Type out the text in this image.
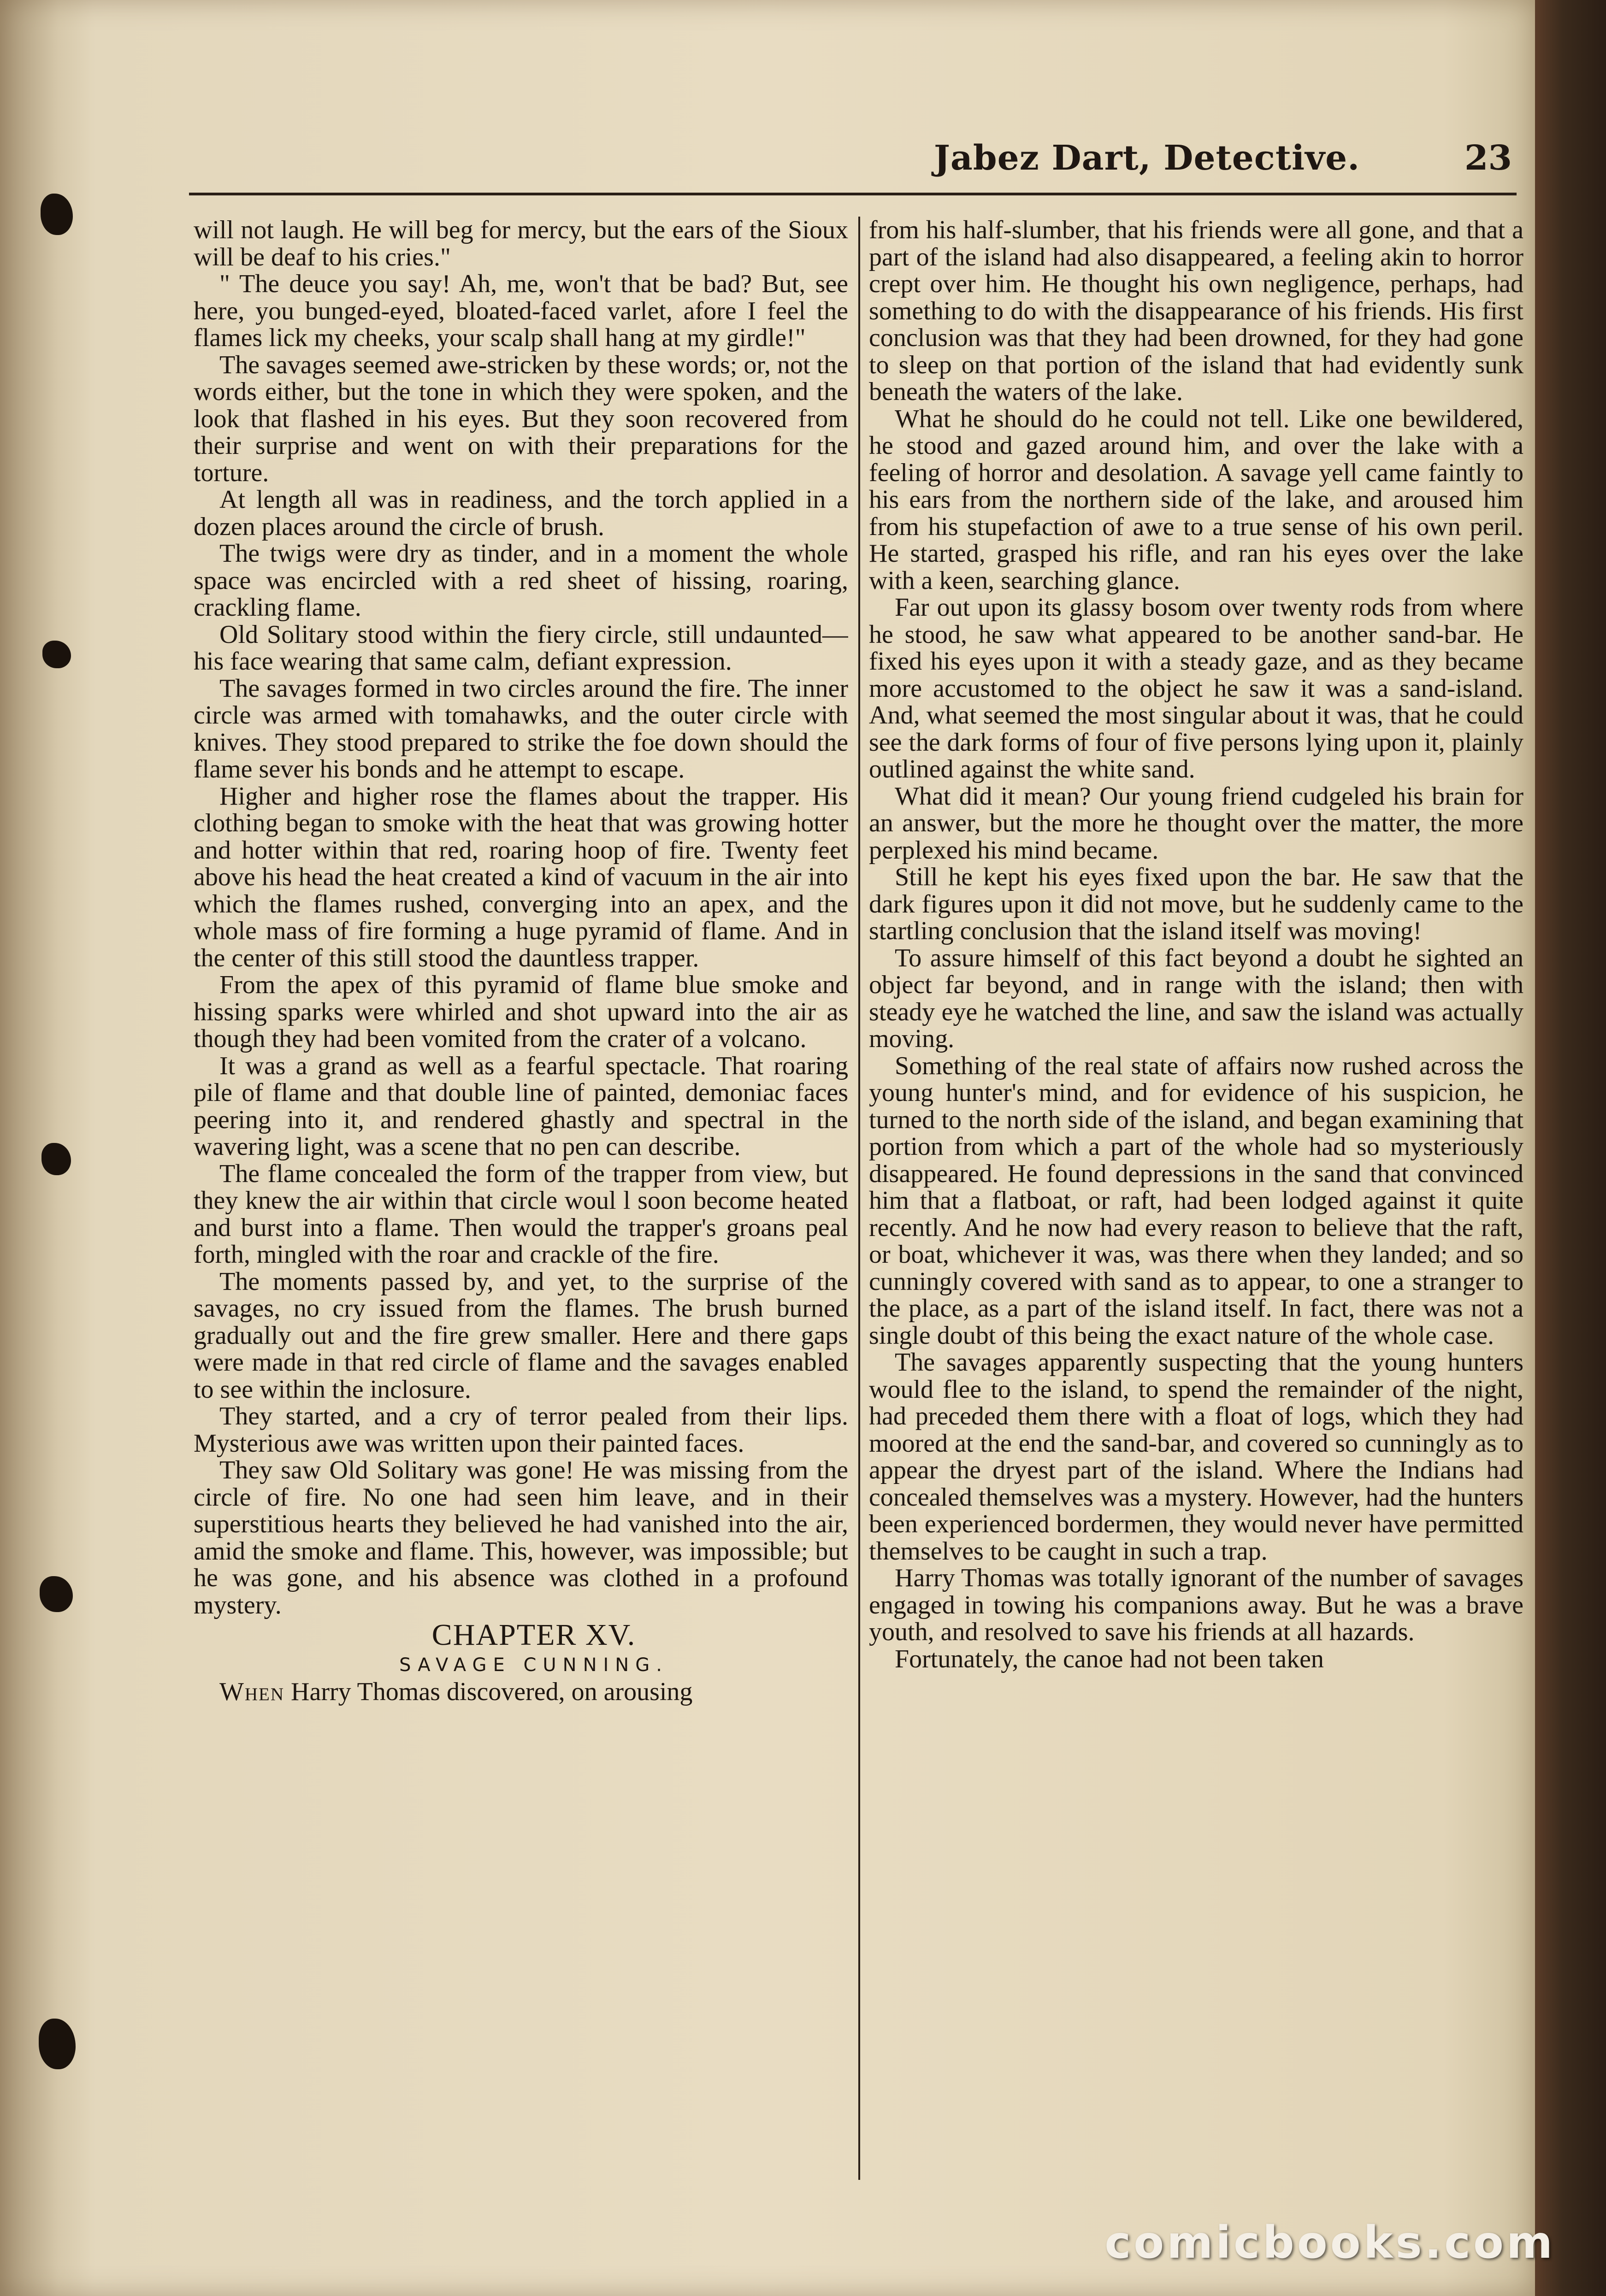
Jabez Dart, Detective.	23

will not laugh. He will beg for mercy, but the ears of the Sioux will be deaf to his cries."

" The deuce you say! Ah, me, won't that be bad? But, see here, you bunged-eyed, bloated-faced varlet, afore I feel the flames lick my cheeks, your scalp shall hang at my girdle!"

The savages seemed awe-stricken by these words; or, not the words either, but the tone in which they were spoken, and the look that flashed in his eyes. But they soon recovered from their surprise and went on with their preparations for the torture.

At length all was in readiness, and the torch applied in a dozen places around the circle of brush.

The twigs were dry as tinder, and in a moment the whole space was encircled with a red sheet of hissing, roaring, crackling flame.

Old Solitary stood within the fiery circle, still undaunted—his face wearing that same calm, defiant expression.

The savages formed in two circles around the fire. The inner circle was armed with tomahawks, and the outer circle with knives. They stood prepared to strike the foe down should the flame sever his bonds and he attempt to escape.

Higher and higher rose the flames about the trapper. His clothing began to smoke with the heat that was growing hotter and hotter within that red, roaring hoop of fire. Twenty feet above his head the heat created a kind of vacuum in the air into which the flames rushed, converging into an apex, and the whole mass of fire forming a huge pyramid of flame. And in the center of this still stood the dauntless trapper.

From the apex of this pyramid of flame blue smoke and hissing sparks were whirled and shot upward into the air as though they had been vomited from the crater of a volcano.

It was a grand as well as a fearful spectacle. That roaring pile of flame and that double line of painted, demoniac faces peering into it, and rendered ghastly and spectral in the wavering light, was a scene that no pen can describe.

The flame concealed the form of the trapper from view, but they knew the air within that circle woul l soon become heated and burst into a flame. Then would the trapper's groans peal forth, mingled with the roar and crackle of the fire.

The moments passed by, and yet, to the surprise of the savages, no cry issued from the flames. The brush burned gradually out and the fire grew smaller. Here and there gaps were made in that red circle of flame and the savages enabled to see within the inclosure.

They started, and a cry of terror pealed from their lips. Mysterious awe was written upon their painted faces.

They saw Old Solitary was gone! He was missing from the circle of fire. No one had seen him leave, and in their superstitious hearts they believed he had vanished into the air, amid the smoke and flame. This, however, was impossible; but he was gone, and his absence was clothed in a profound mystery.

CHAPTER XV.

SAVAGE CUNNING.

When Harry Thomas discovered, on arousing

from his half-slumber, that his friends were all gone, and that a part of the island had also disappeared, a feeling akin to horror crept over him. He thought his own negligence, perhaps, had something to do with the disappearance of his friends. His first conclusion was that they had been drowned, for they had gone to sleep on that portion of the island that had evidently sunk beneath the waters of the lake.

What he should do he could not tell. Like one bewildered, he stood and gazed around him, and over the lake with a feeling of horror and desolation. A savage yell came faintly to his ears from the northern side of the lake, and aroused him from his stupefaction of awe to a true sense of his own peril. He started, grasped his rifle, and ran his eyes over the lake with a keen, searching glance.

Far out upon its glassy bosom over twenty rods from where he stood, he saw what appeared to be another sand-bar. He fixed his eyes upon it with a steady gaze, and as they became more accustomed to the object he saw it was a sand-island. And, what seemed the most singular about it was, that he could see the dark forms of four of five persons lying upon it, plainly outlined against the white sand.

What did it mean? Our young friend cudgeled his brain for an answer, but the more he thought over the matter, the more perplexed his mind became.

Still he kept his eyes fixed upon the bar. He saw that the dark figures upon it did not move, but he suddenly came to the startling conclusion that the island itself was moving!

To assure himself of this fact beyond a doubt he sighted an object far beyond, and in range with the island; then with steady eye he watched the line, and saw the island was actually moving.

Something of the real state of affairs now rushed across the young hunter's mind, and for evidence of his suspicion, he turned to the north side of the island, and began examining that portion from which a part of the whole had so mysteriously disappeared. He found depressions in the sand that convinced him that a flatboat, or raft, had been lodged against it quite recently. And he now had every reason to believe that the raft, or boat, whichever it was, was there when they landed; and so cunningly covered with sand as to appear, to one a stranger to the place, as a part of the island itself. In fact, there was not a single doubt of this being the exact nature of the whole case.

The savages apparently suspecting that the young hunters would flee to the island, to spend the remainder of the night, had preceded them there with a float of logs, which they had moored at the end the sand-bar, and covered so cunningly as to appear the dryest part of the island. Where the Indians had concealed themselves was a mystery. However, had the hunters been experienced bordermen, they would never have permitted themselves to be caught in such a trap.

Harry Thomas was totally ignorant of the number of savages engaged in towing his companions away. But he was a brave youth, and resolved to save his friends at all hazards.

Fortunately, the canoe had not been taken

comicbooks.com
